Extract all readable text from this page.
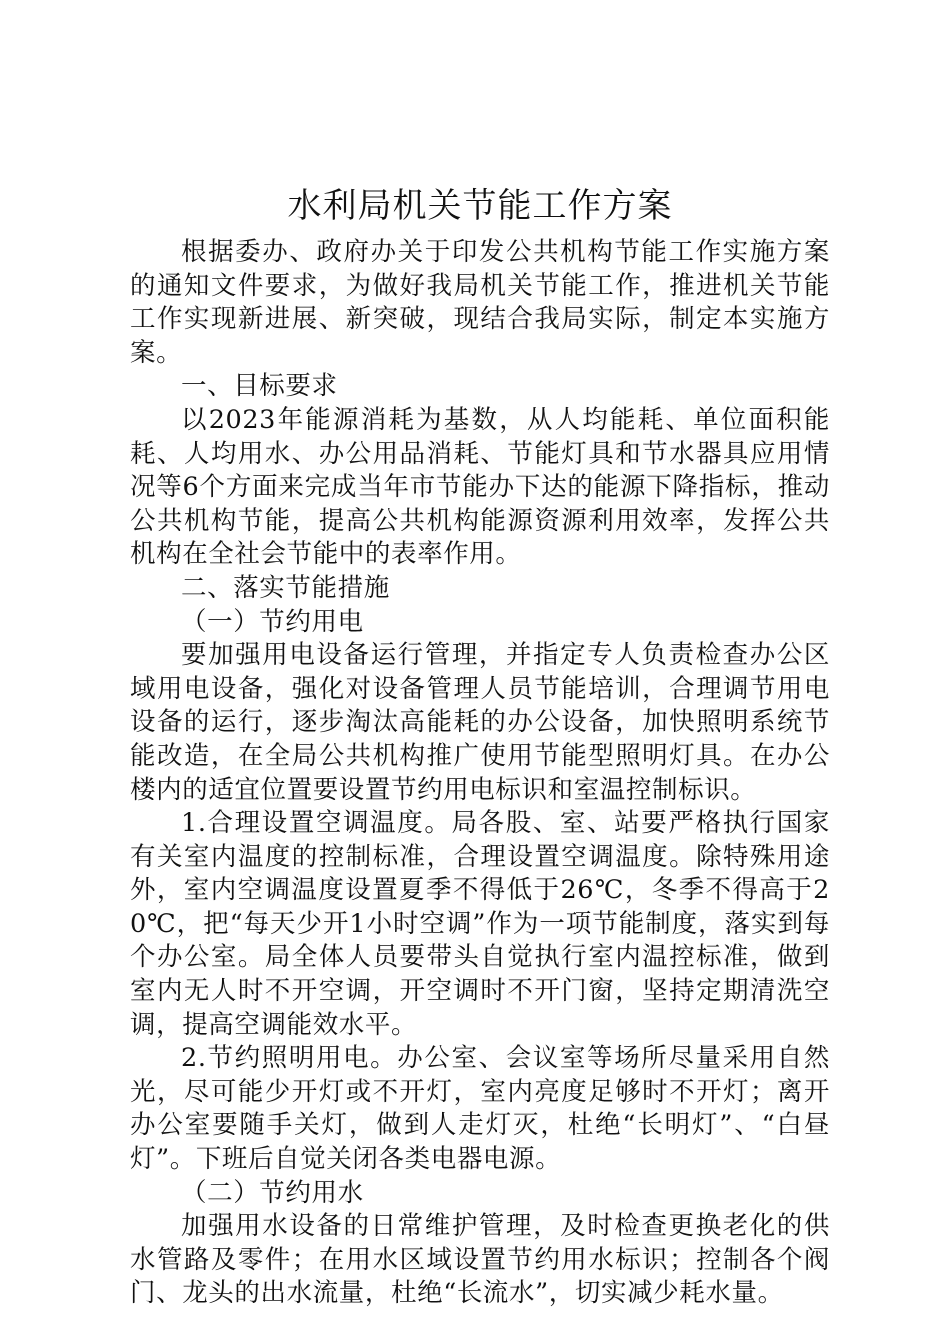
水利局机关节能工作方案

根据委办、政府办关于印发公共机构节能工作实施方案的通知文件要求，为做好我局机关节能工作，推进机关节能工作实现新进展、新突破，现结合我局实际，制定本实施方案。

一、目标要求

以2023年能源消耗为基数，从人均能耗、单位面积能耗、人均用水、办公用品消耗、节能灯具和节水器具应用情况等6个方面来完成当年市节能办下达的能源下降指标，推动公共机构节能，提高公共机构能源资源利用效率，发挥公共机构在全社会节能中的表率作用。

二、落实节能措施

（一）节约用电

要加强用电设备运行管理，并指定专人负责检查办公区域用电设备，强化对设备管理人员节能培训，合理调节用电设备的运行，逐步淘汰高能耗的办公设备，加快照明系统节能改造，在全局公共机构推广使用节能型照明灯具。在办公楼内的适宜位置要设置节约用电标识和室温控制标识。

1.合理设置空调温度。局各股、室、站要严格执行国家有关室内温度的控制标准，合理设置空调温度。除特殊用途外，室内空调温度设置夏季不得低于26℃，冬季不得高于20℃，把“每天少开1小时空调”作为一项节能制度，落实到每个办公室。局全体人员要带头自觉执行室内温控标准，做到室内无人时不开空调，开空调时不开门窗，坚持定期清洗空调，提高空调能效水平。

2.节约照明用电。办公室、会议室等场所尽量采用自然光，尽可能少开灯或不开灯，室内亮度足够时不开灯；离开办公室要随手关灯，做到人走灯灭，杜绝“长明灯”、“白昼灯”。下班后自觉关闭各类电器电源。

（二）节约用水

加强用水设备的日常维护管理，及时检查更换老化的供水管路及零件；在用水区域设置节约用水标识；控制各个阀门、龙头的出水流量，杜绝“长流水”，切实减少耗水量。
